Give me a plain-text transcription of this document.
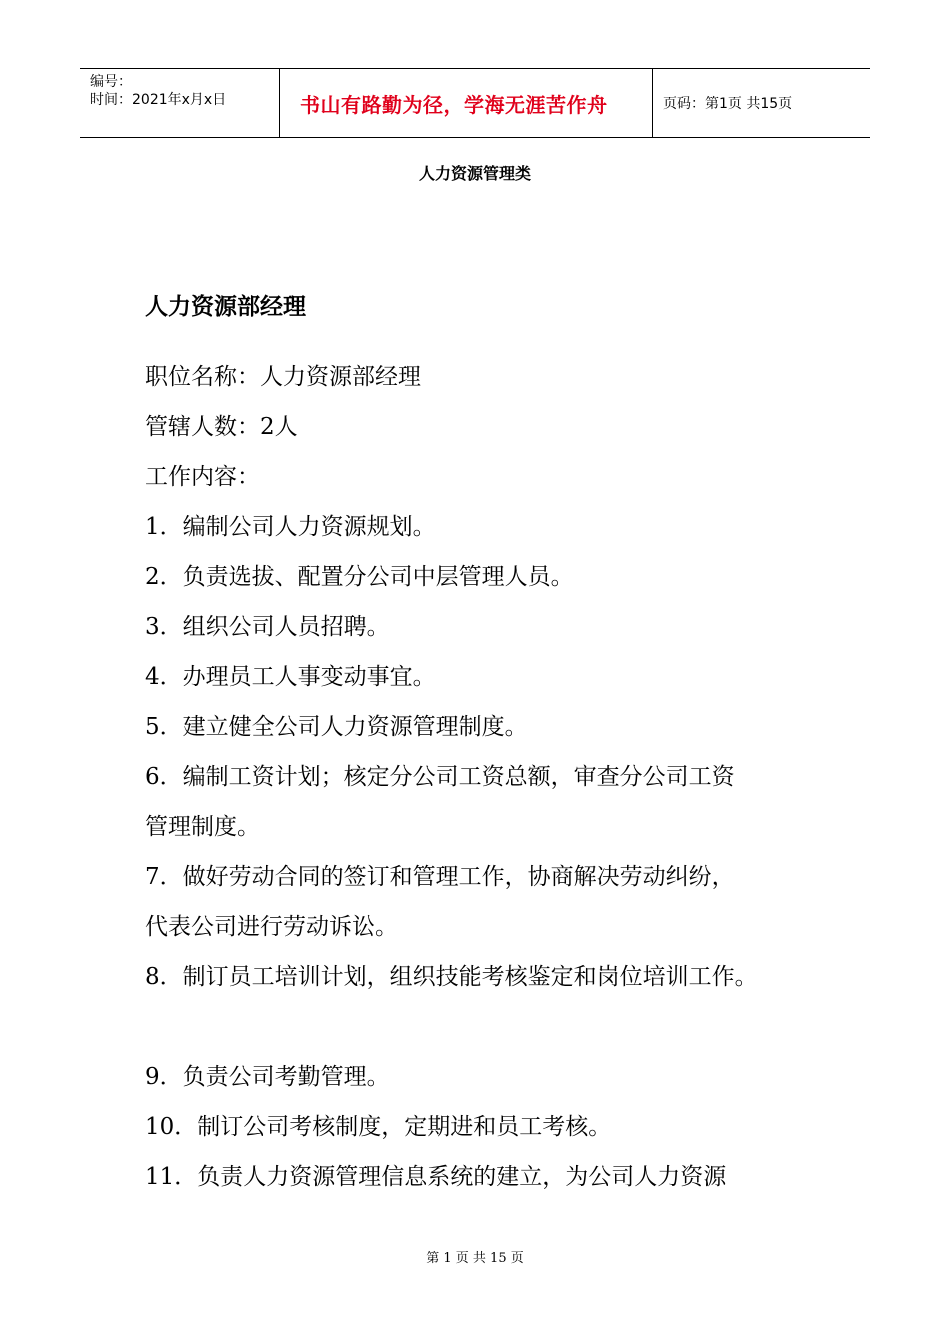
编号：
时间：2021年x月x日	书山有路勤为径，学海无涯苦作舟	页码：第1页 共15页
人力资源管理类
人力资源部经理
职位名称：人力资源部经理
管辖人数：2人
工作内容：
1．编制公司人力资源规划。
2．负责选拔、配置分公司中层管理人员。
3．组织公司人员招聘。
4．办理员工人事变动事宜。
5．建立健全公司人力资源管理制度。
6．编制工资计划；核定分公司工资总额，审查分公司工资
管理制度。
7．做好劳动合同的签订和管理工作，协商解决劳动纠纷，
代表公司进行劳动诉讼。
8．制订员工培训计划，组织技能考核鉴定和岗位培训工作。
9．负责公司考勤管理。
10．制订公司考核制度，定期进和员工考核。
11．负责人力资源管理信息系统的建立，为公司人力资源
第 1 页 共 15 页
